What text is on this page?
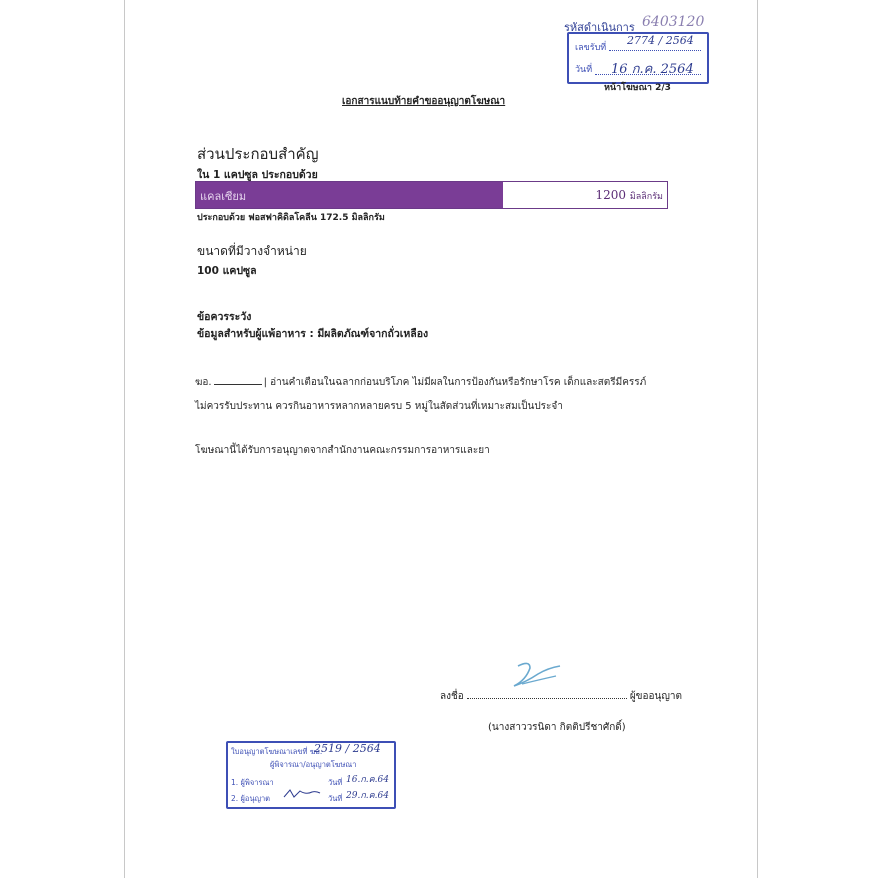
รหัสดำเนินการ 6403120
เลขรับที่
2774 / 2564
วันที่ 16 ก.ค. 2564
หน้าโฆษณา 2/3
เอกสารแนบท้ายคำขออนุญาตโฆษณา
ส่วนประกอบสำคัญ
ใน 1 แคปซูล ประกอบด้วย
แคลเซียม	1200 มิลลิกรัม
ประกอบด้วย ฟอสฟาคิดิลโคลีน 172.5 มิลลิกรัม
ขนาดที่มีวางจำหน่าย
100 แคปซูล
ข้อควรระวัง
ข้อมูลสำหรับผู้แพ้อาหาร : มีผลิตภัณฑ์จากถั่วเหลือง
ฆอ.	| อ่านคำเตือนในฉลากก่อนบริโภค ไม่มีผลในการป้องกันหรือรักษาโรค เด็กและสตรีมีครรภ์
ไม่ควรรับประทาน ควรกินอาหารหลากหลายครบ 5 หมู่ในสัดส่วนที่เหมาะสมเป็นประจำ
โฆษณานี้ได้รับการอนุญาตจากสำนักงานคณะกรรมการอาหารและยา
ลงชื่อ	ผู้ขออนุญาต
(นางสาววรนิดา กิตติปรีชาศักดิ์)
ใบอนุญาตโฆษณาเลขที่ ฆอ.
2519 / 2564
ผู้พิจารณา/อนุญาตโฆษณา
1. ผู้พิจารณา	วันที่ 16.ก.ค.64
2. ผู้อนุญาต	วันที่ 29.ก.ค.64
